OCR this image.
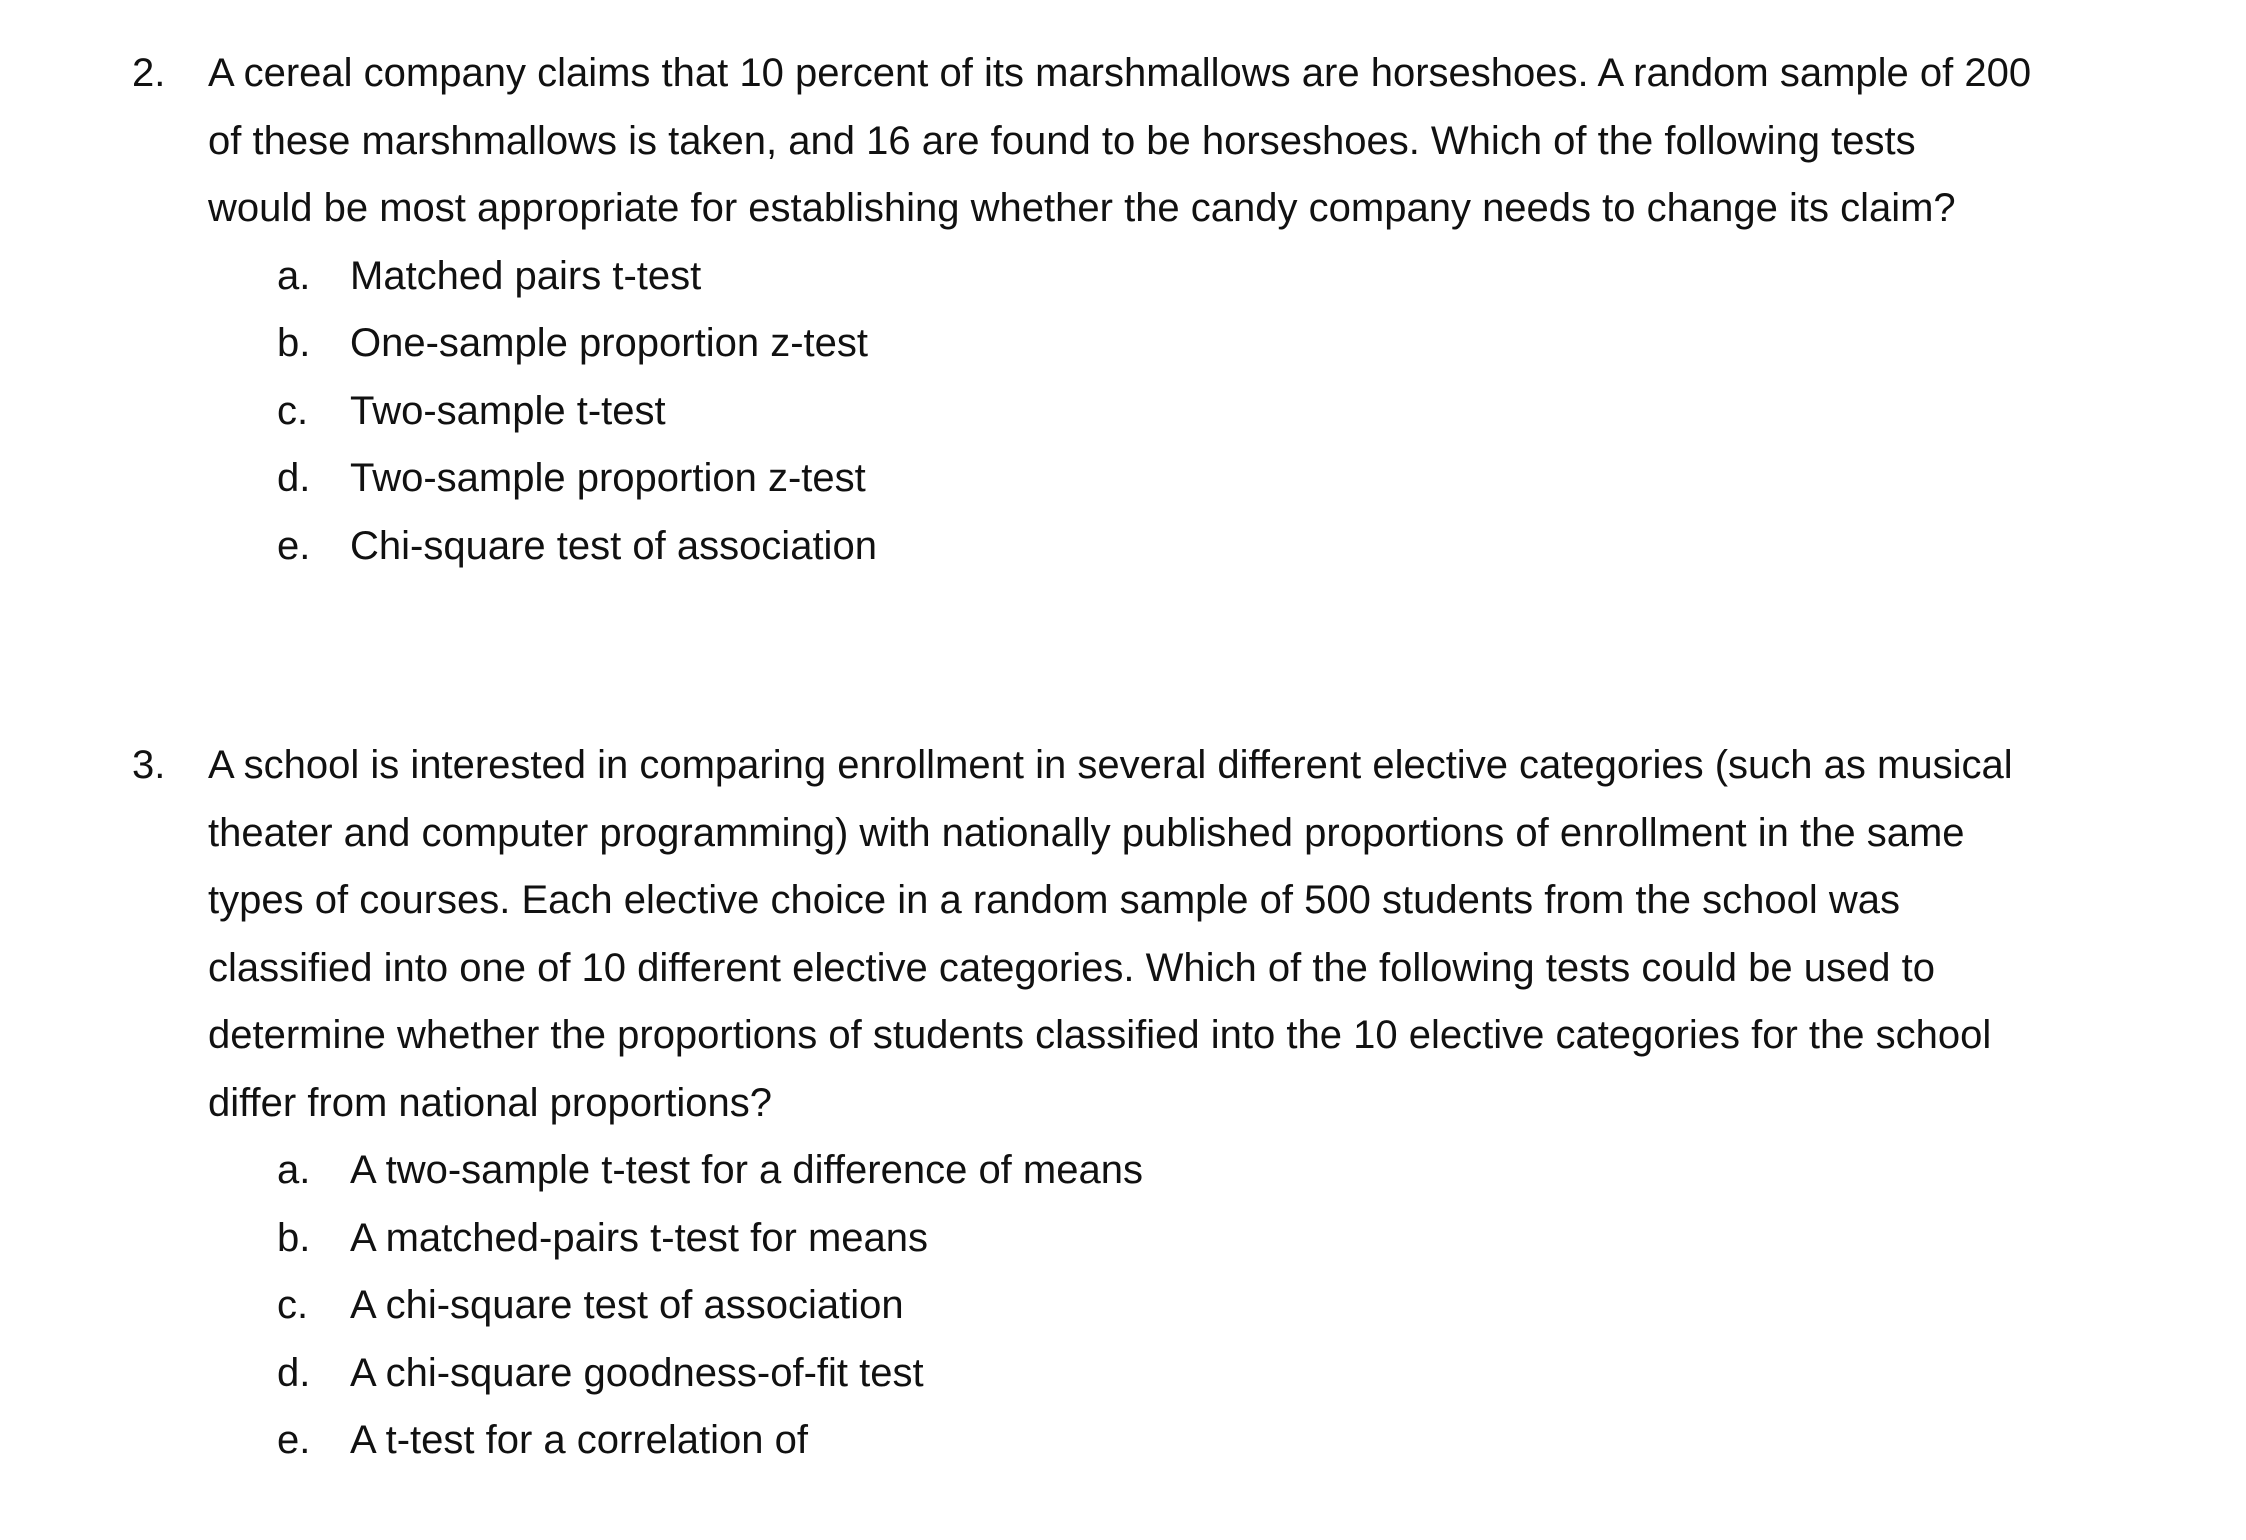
2.	A cereal company claims that 10 percent of its marshmallows are horseshoes. A random sample of 200
of these marshmallows is taken, and 16 are found to be horseshoes. Which of the following tests
would be most appropriate for establishing whether the candy company needs to change its claim?
a. Matched pairs t-test
b. One-sample proportion z-test
c.	Two-sample t-test
d. Two-sample proportion z-test
e. Chi-square test of association
3.	A school is interested in comparing enrollment in several different elective categories (such as musical
theater and computer programming) with nationally published proportions of enrollment in the same
types of courses. Each elective choice in a random sample of 500 students from the school was
classified into one of 10 different elective categories. Which of the following tests could be used to
determine whether the proportions of students classified into the 10 elective categories for the school
differ from national proportions?
a. A two-sample t-test for a difference of means
b. A matched-pairs t-test for means
c.	A chi-square test of association
d. A chi-square goodness-of-fit test
e. A t-test for a correlation of
